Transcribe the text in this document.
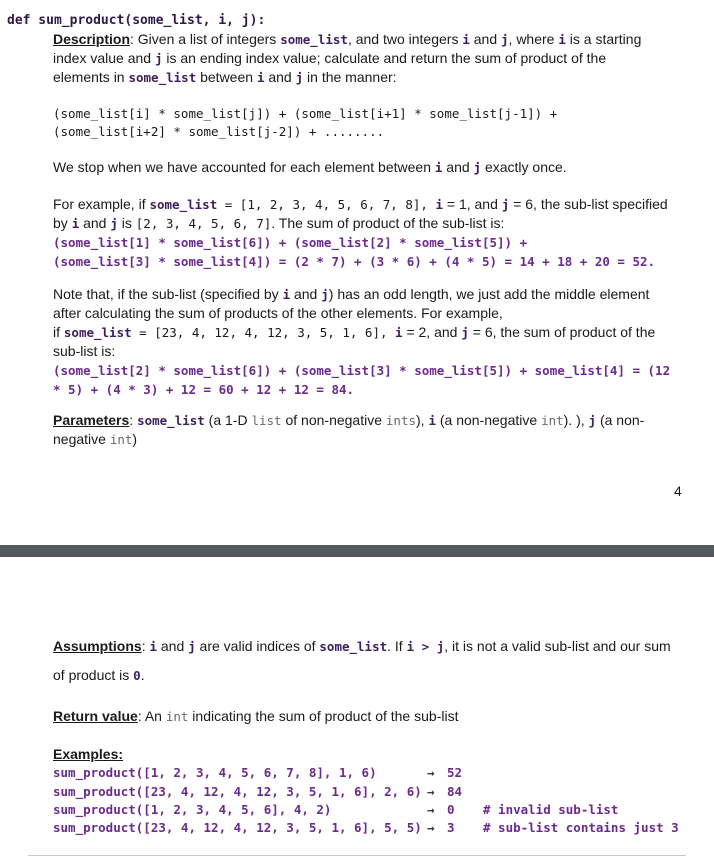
def sum_product(some_list, i, j):
Description: Given a list of integers some_list, and two integers i and j, where i is a starting
index value and j is an ending index value; calculate and return the sum of product of the
elements in some_list between i and j in the manner:
(some_list[i] * some_list[j]) + (some_list[i+1] * some_list[j-1]) +
(some_list[i+2] * some_list[j-2]) + ........
We stop when we have accounted for each element between i and j exactly once.
For example, if some_list = [1, 2, 3, 4, 5, 6, 7, 8], i = 1, and j = 6, the sub-list specified
by i and j is [2, 3, 4, 5, 6, 7]. The sum of product of the sub-list is:
(some_list[1] * some_list[6]) + (some_list[2] * some_list[5]) +
(some_list[3] * some_list[4]) = (2 * 7) + (3 * 6) + (4 * 5) = 14 + 18 + 20 = 52.
Note that, if the sub-list (specified by i and j) has an odd length, we just add the middle element
after calculating the sum of products of the other elements. For example,
if some_list = [23, 4, 12, 4, 12, 3, 5, 1, 6], i = 2, and j = 6, the sum of product of the
sub-list is:
(some_list[2] * some_list[6]) + (some_list[3] * some_list[5]) + some_list[4] = (12
* 5) + (4 * 3) + 12 = 60 + 12 + 12 = 84.
Parameters: some_list (a 1-D list of non-negative ints), i (a non-negative int). ), j (a non-
negative int)
4
Assumptions: i and j are valid indices of some_list. If i > j, it is not a valid sub-list and our sum
of product is 0.
Return value: An int indicating the sum of product of the sub-list
Examples:
sum_product([1, 2, 3, 4, 5, 6, 7, 8], 1, 6)	→ 52
sum_product([23, 4, 12, 4, 12, 3, 5, 1, 6], 2, 6) → 84
sum_product([1, 2, 3, 4, 5, 6], 4, 2)	→ 0 # invalid sub-list
sum_product([23, 4, 12, 4, 12, 3, 5, 1, 6], 5, 5) → 3 # sub-list contains just 3
